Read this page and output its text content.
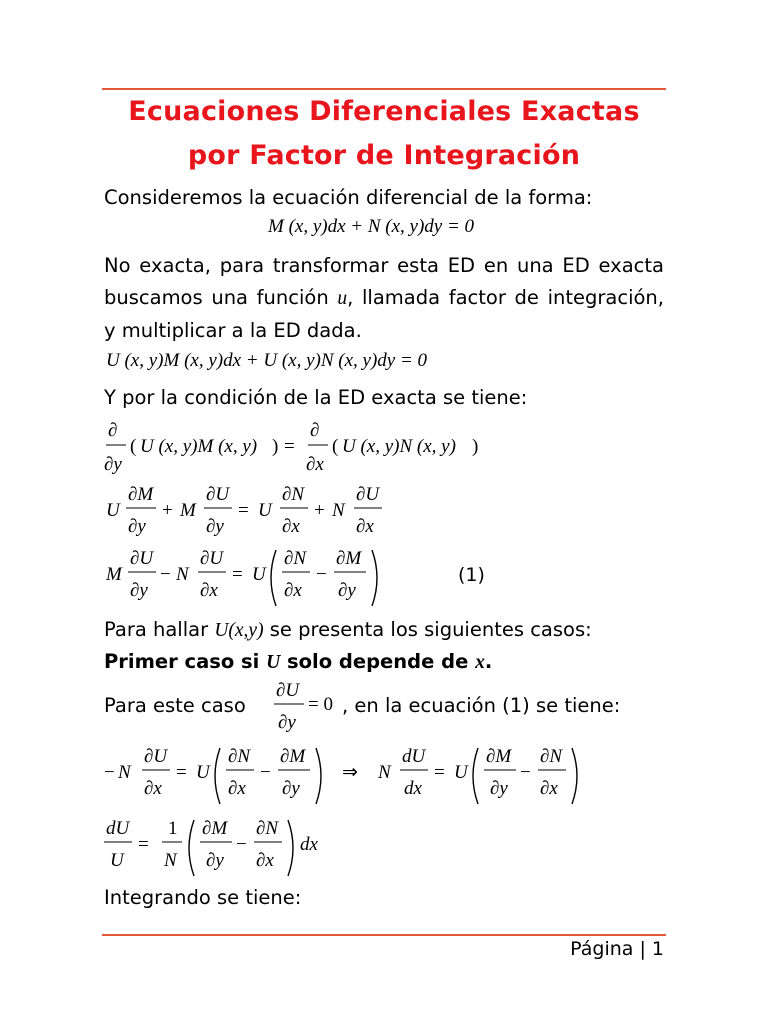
Ecuaciones Diferenciales Exactas
por Factor de Integración
Consideremos la ecuación diferencial de la forma:
M (x, y)dx + N (x, y)dy = 0
No exacta, para transformar esta ED en una ED exacta buscamos una función u, llamada factor de integración, y multiplicar a la ED dada.
U (x, y)M (x, y)dx + U (x, y)N (x, y)dy = 0
Y por la condición de la ED exacta se tiene:
∂
∂y
( U (x, y)M (x, y) ) =
∂
∂x
( U (x, y)N (x, y) )
U
∂M
∂y
+ M
∂U
∂y
= U
∂N
∂x
+ N
∂U
∂x
M
∂U
∂y
− N
∂U
∂x
= U
∂N
∂x
−
∂M
∂y
(1)
Para hallar U(x,y) se presenta los siguientes casos:
Primer caso si U solo depende de x.
Para este caso
∂U
∂y
= 0 , en la ecuación (1) se tiene:
− N
∂U
∂x
= U
∂N
∂x
−
∂M
∂y
⇒ N
dU
dx
= U
∂M
∂y
−
∂N
∂x
dU
U
=
1
N
∂M
∂y
−
∂N
∂x
dx
Integrando se tiene:
Página | 1
